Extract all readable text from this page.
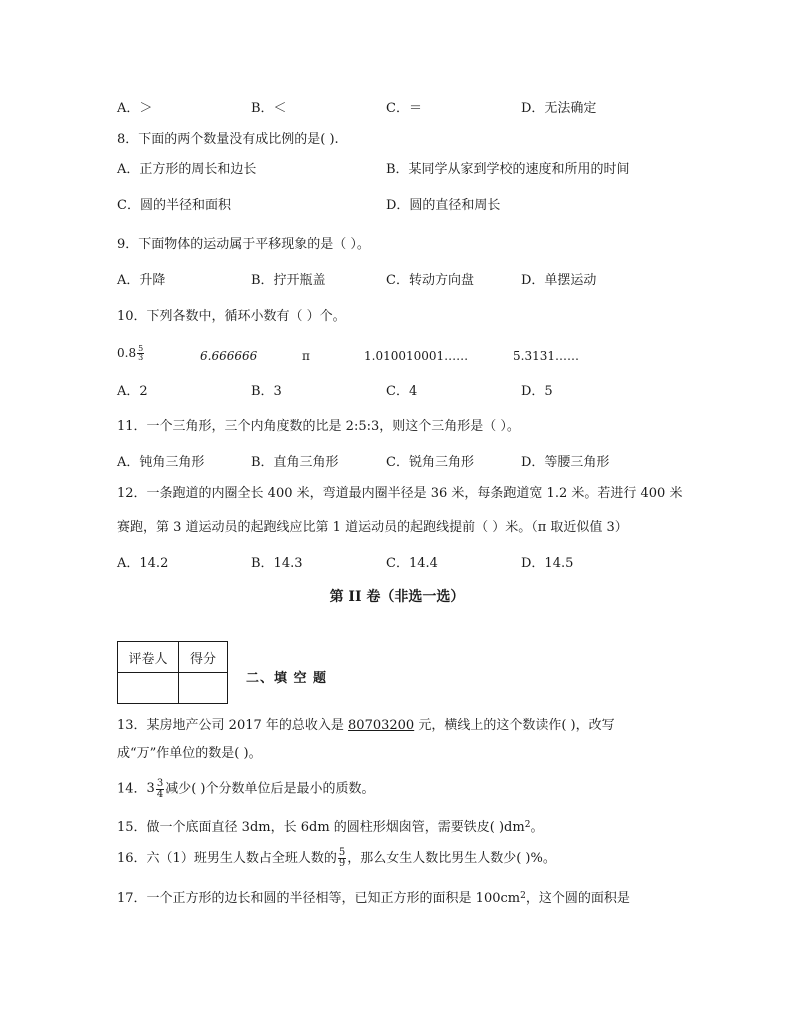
A．＞	B．＜	C．＝	D．无法确定
8．下面的两个数量没有成比例的是( ).
A．正方形的周长和边长	B．某同学从家到学校的速度和所用的时间
C．圆的半径和面积	D．圆的直径和周长
9．下面物体的运动属于平移现象的是（ ）。
A．升降	B．拧开瓶盖	C．转动方向盘	D．单摆运动
10．下列各数中，循环小数有（ ）个。
$0.8 \frac{5}{3}$	6.666666	π	1.010010001……	5.3131……
A．2	B．3	C．4	D．5
11．一个三角形，三个内角度数的比是 2:5:3，则这个三角形是（ ）。
A．钝角三角形	B．直角三角形	C．锐角三角形	D．等腰三角形
12．一条跑道的内圈全长 400 米，弯道最内圈半径是 36 米，每条跑道宽 1.2 米。若进行 400 米
赛跑，第 3 道运动员的起跑线应比第 1 道运动员的起跑线提前（ ）米。（π 取近似值 3）
A．14.2	B．14.3	C．14.4	D．14.5
第 II 卷（非选一选）
评卷人	得分

二、填 空 题
13．某房地产公司 2017 年的总收入是 80703200 元，横线上的这个数读作( )，改写
成“万”作单位的数是( )。
14．$3 \frac{3}{4}$ 减少( )个分数单位后是最小的质数。
15．做一个底面直径 3dm，长 6dm 的圆柱形烟囱管，需要铁皮( )$dm^2$。
16．六（1）班男生人数占全班人数的 $\frac{5}{9}$ ，那么女生人数比男生人数少( )%。
17．一个正方形的边长和圆的半径相等，已知正方形的面积是 $100cm^2$，这个圆的面积是
